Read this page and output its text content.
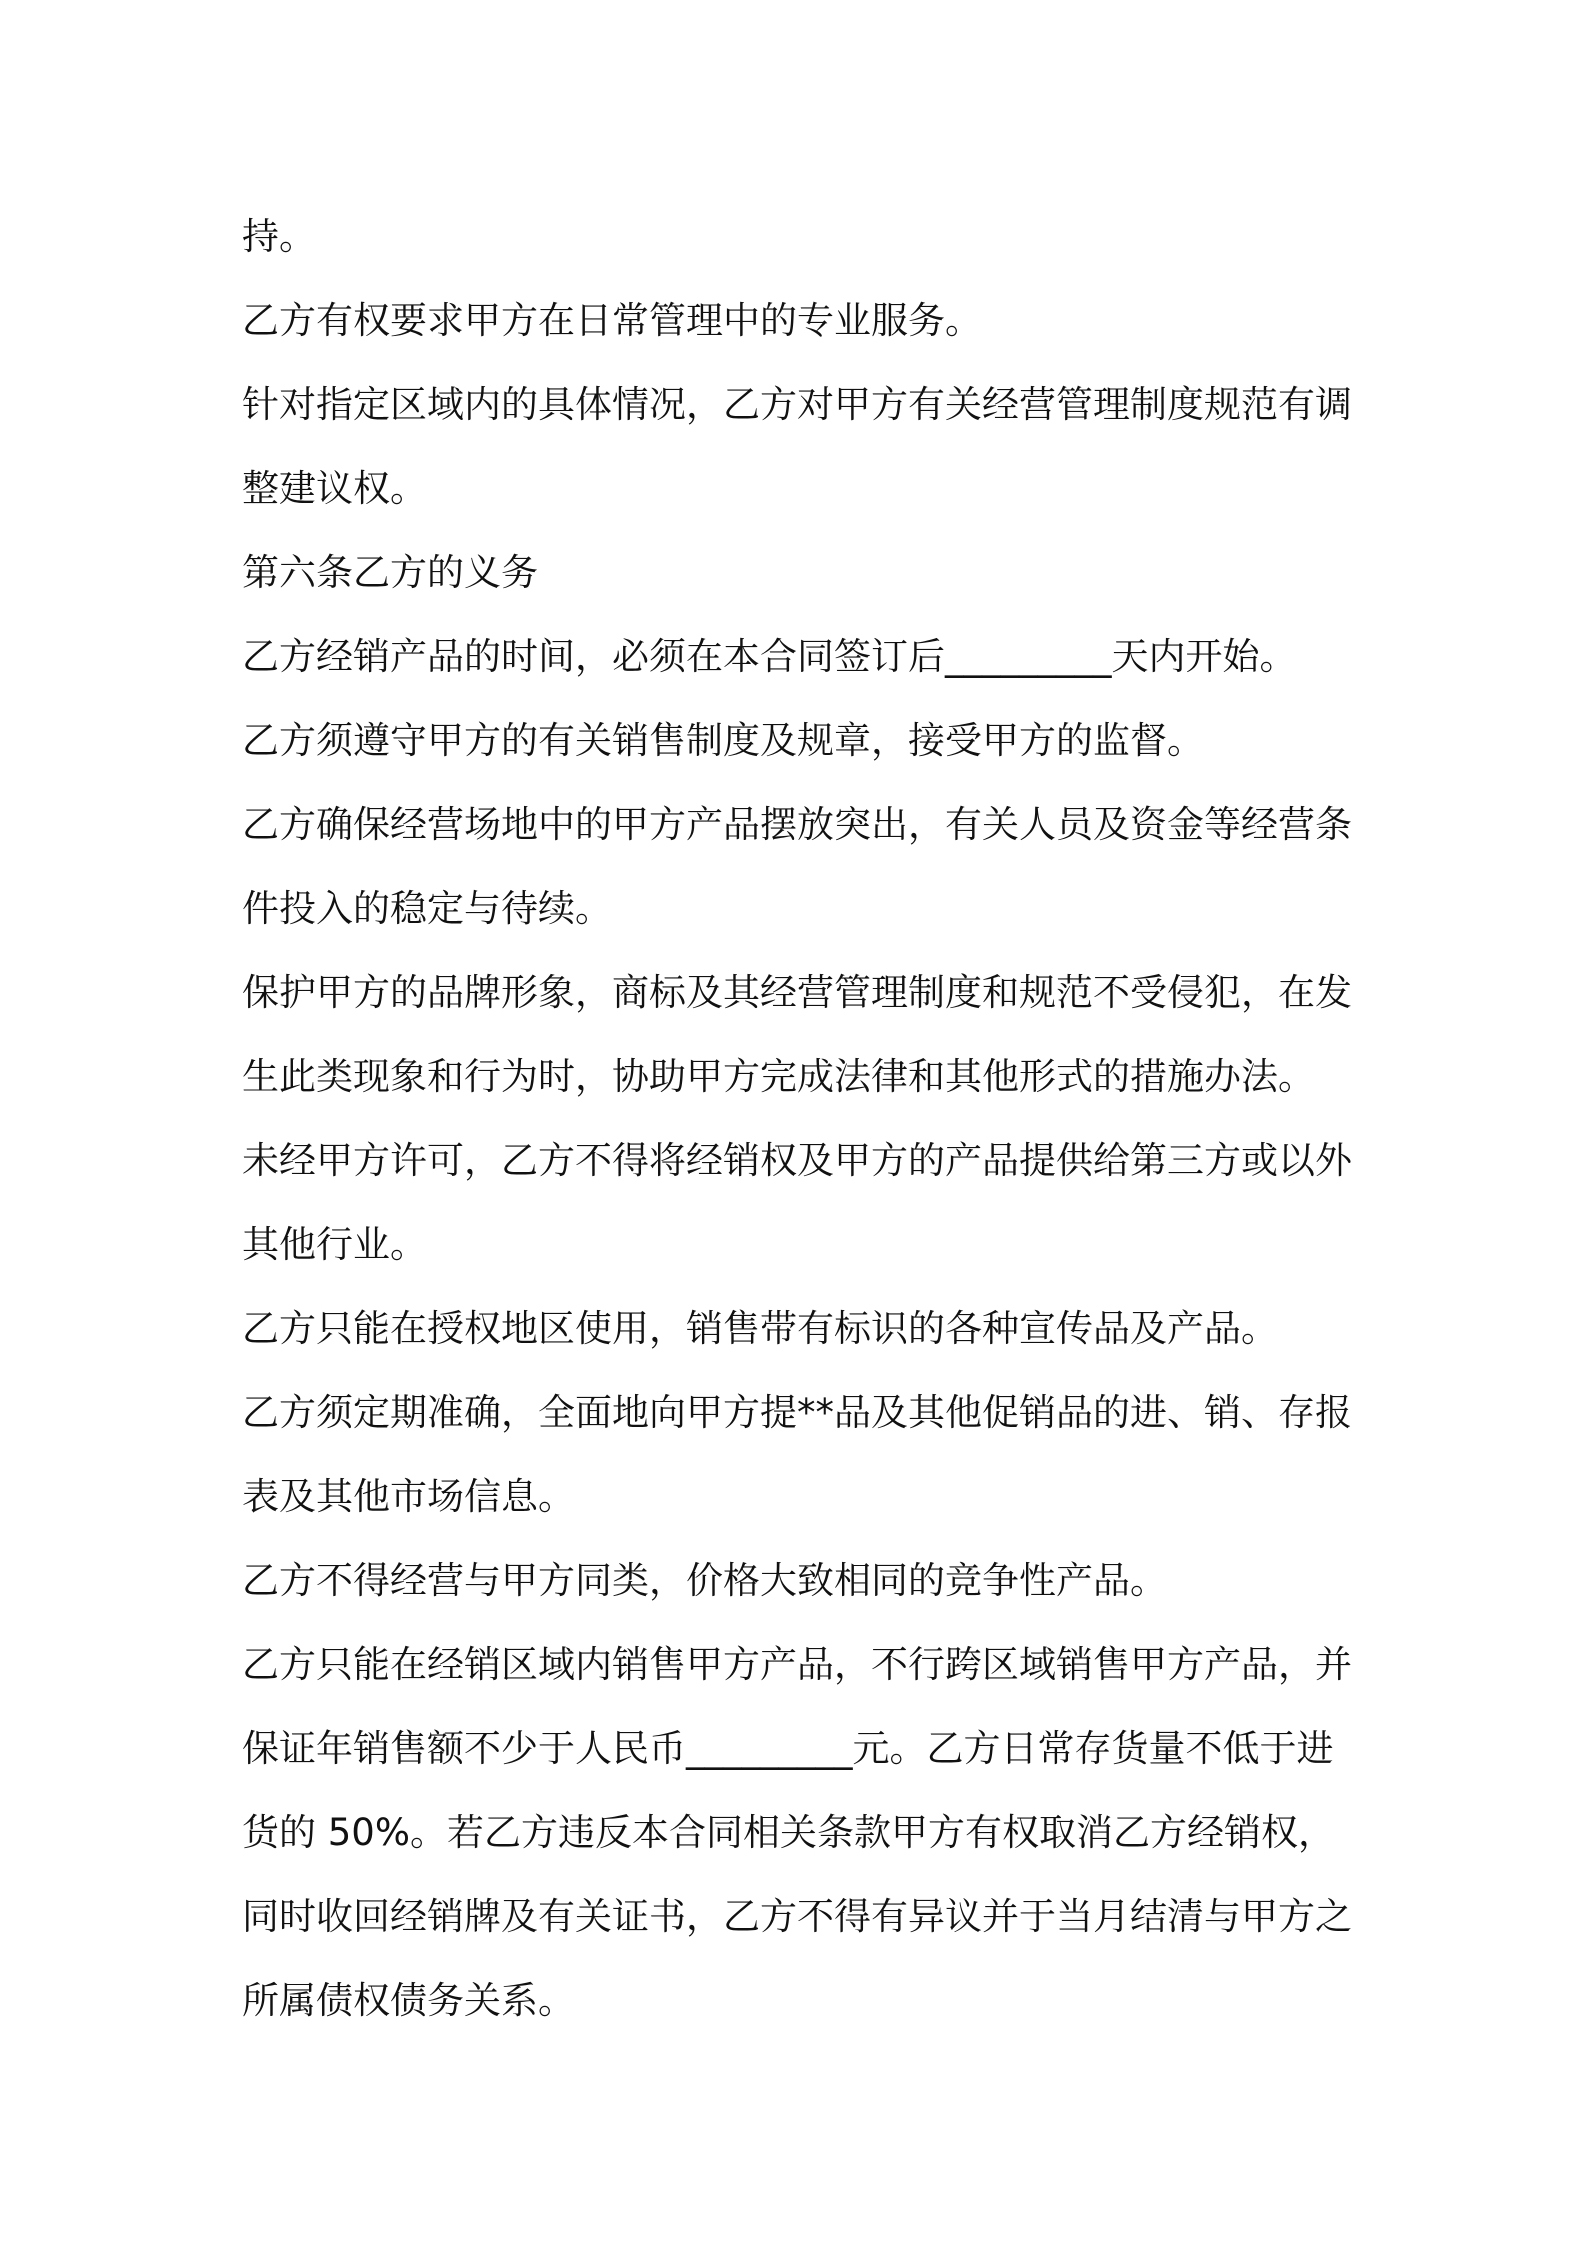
持。
乙方有权要求甲方在日常管理中的专业服务。
针对指定区域内的具体情况，乙方对甲方有关经营管理制度规范有调
整建议权。
第六条乙方的义务
乙方经销产品的时间，必须在本合同签订后_________天内开始。
乙方须遵守甲方的有关销售制度及规章，接受甲方的监督。
乙方确保经营场地中的甲方产品摆放突出，有关人员及资金等经营条
件投入的稳定与待续。
保护甲方的品牌形象，商标及其经营管理制度和规范不受侵犯，在发
生此类现象和行为时，协助甲方完成法律和其他形式的措施办法。
未经甲方许可，乙方不得将经销权及甲方的产品提供给第三方或以外
其他行业。
乙方只能在授权地区使用，销售带有标识的各种宣传品及产品。
乙方须定期准确，全面地向甲方提**品及其他促销品的进、销、存报
表及其他市场信息。
乙方不得经营与甲方同类，价格大致相同的竞争性产品。
乙方只能在经销区域内销售甲方产品，不行跨区域销售甲方产品，并
保证年销售额不少于人民币_________元。乙方日常存货量不低于进
货的 50%。若乙方违反本合同相关条款甲方有权取消乙方经销权，
同时收回经销牌及有关证书，乙方不得有异议并于当月结清与甲方之
所属债权债务关系。
